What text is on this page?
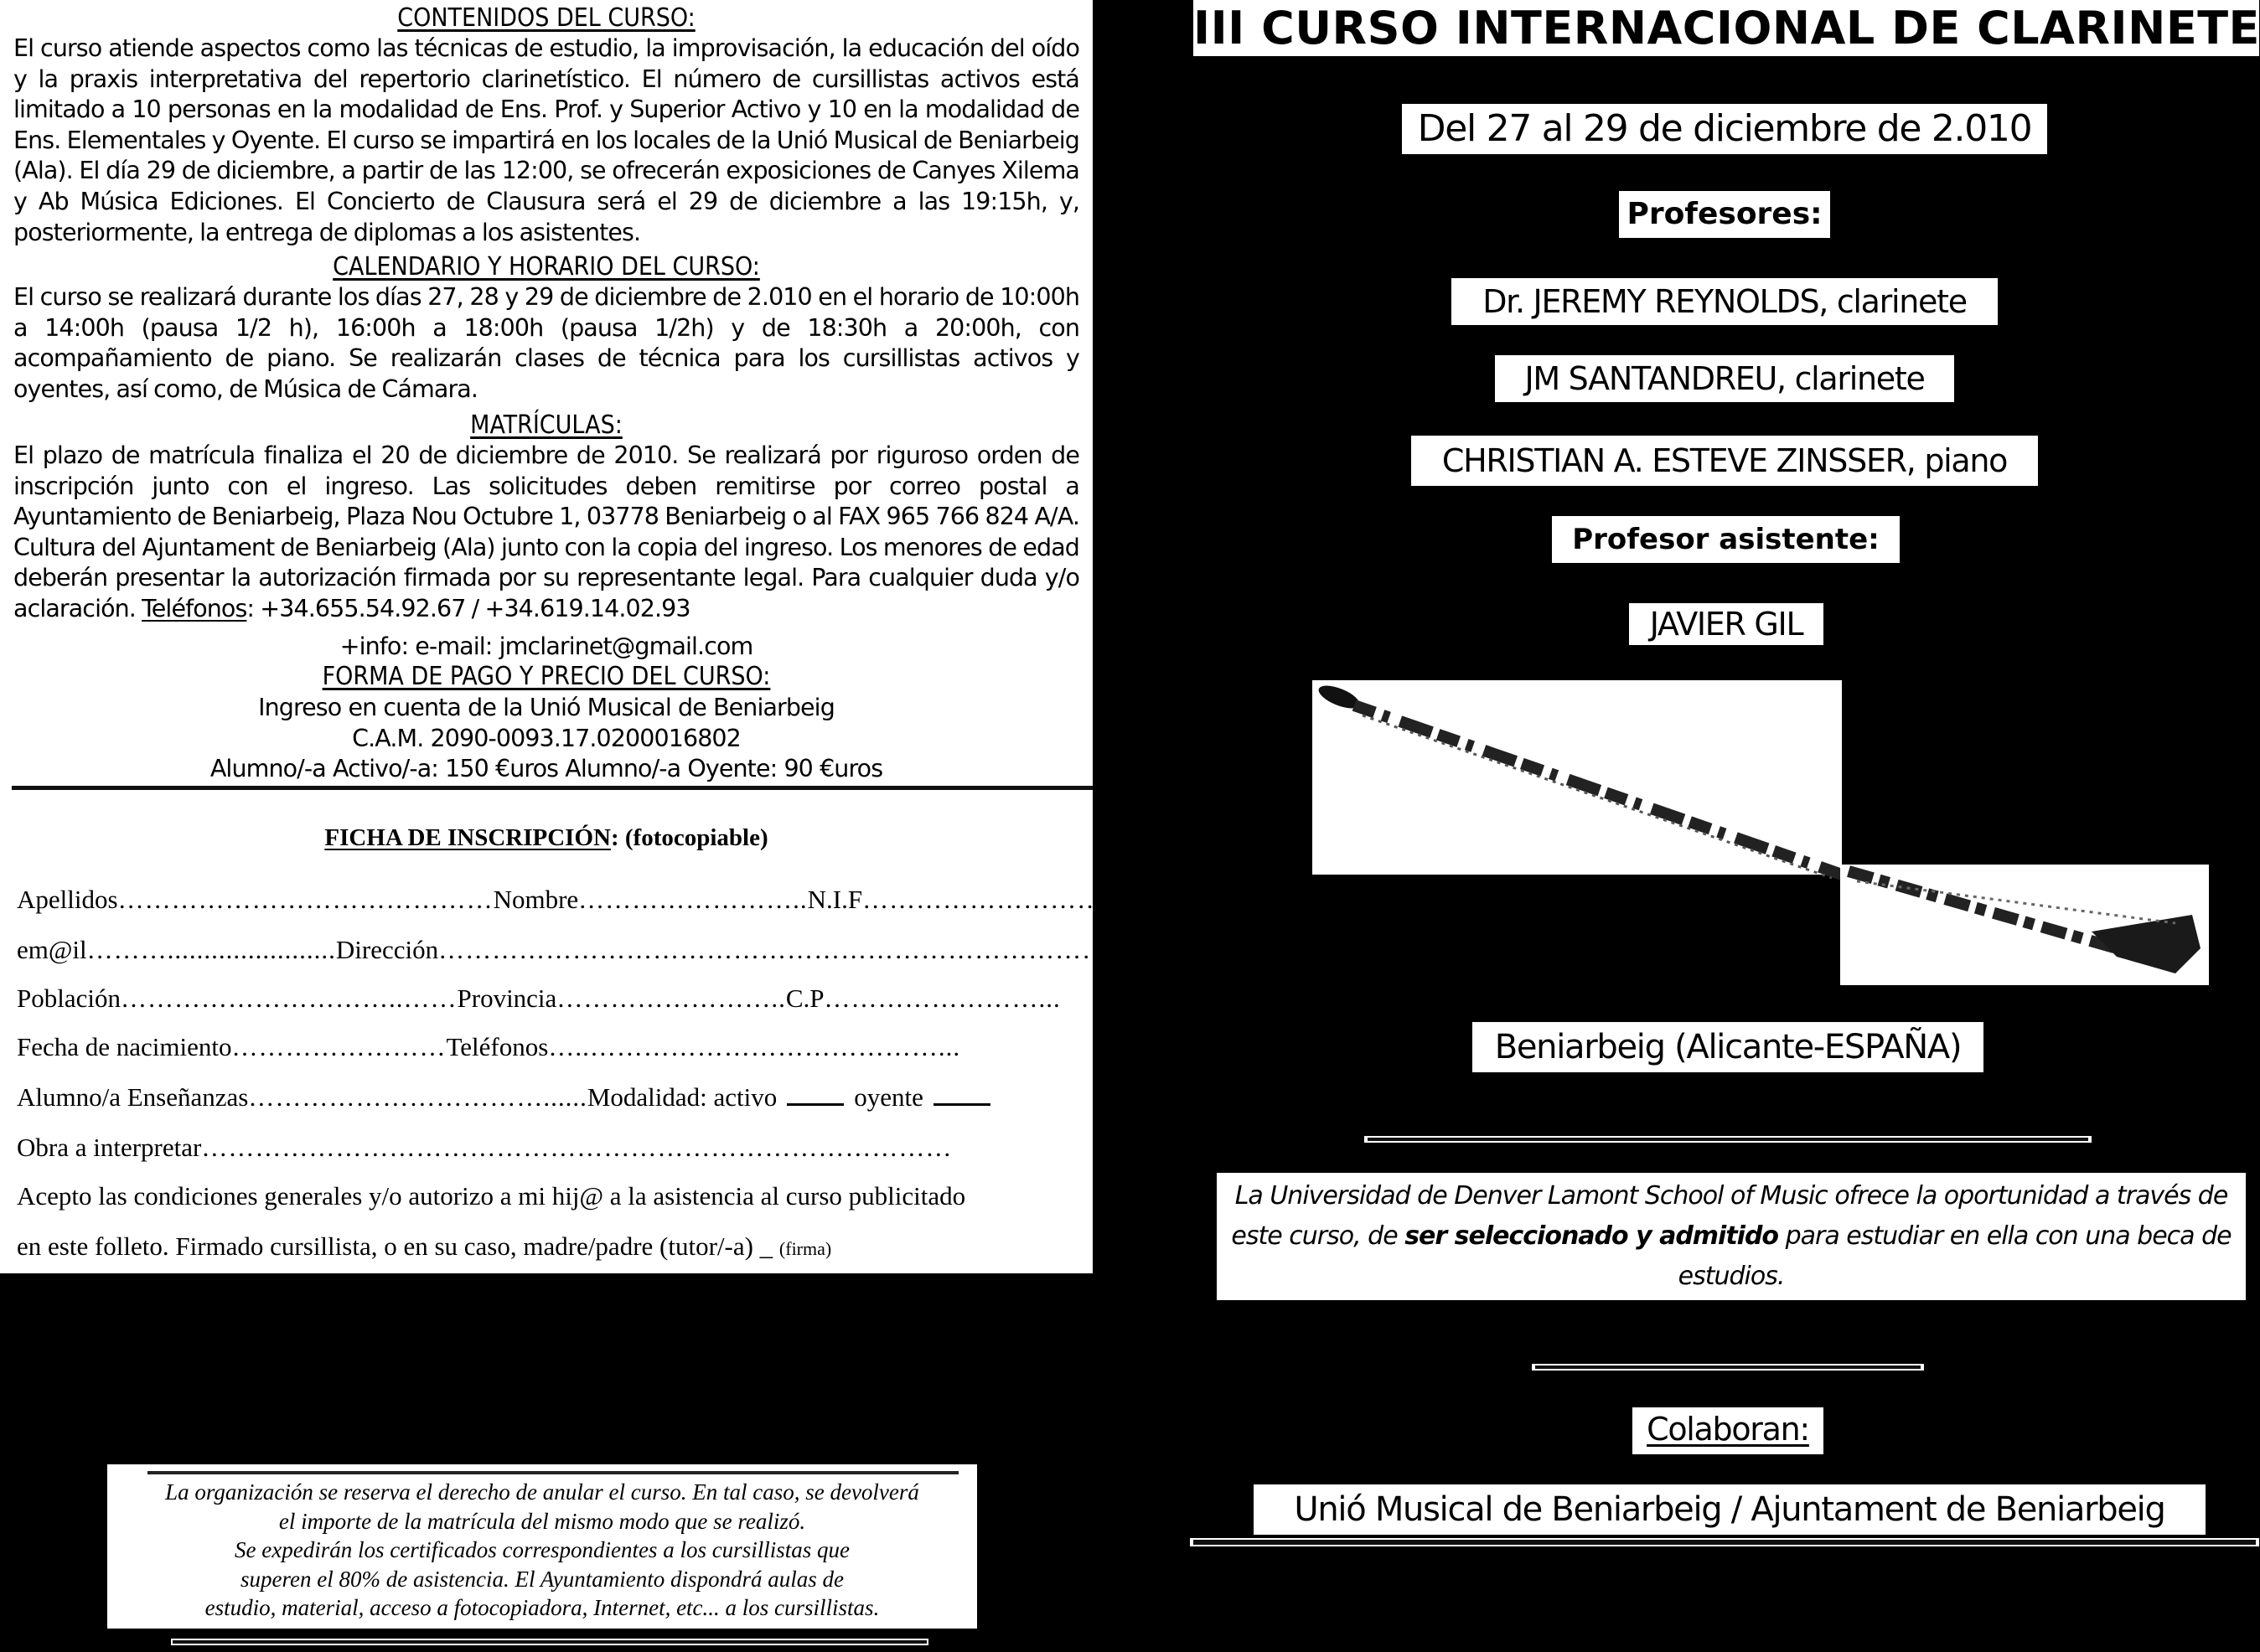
CONTENIDOS DEL CURSO:
El curso atiende aspectos como las técnicas de estudio, la improvisación, la educación del oído y la praxis interpretativa del repertorio clarinetístico. El número de cursillistas activos está limitado a 10 personas en la modalidad de Ens. Prof. y Superior Activo y 10 en la modalidad de Ens. Elementales y Oyente. El curso se impartirá en los locales de la Unió Musical de Beniarbeig (Ala). El día 29 de diciembre, a partir de las 12:00, se ofrecerán exposiciones de Canyes Xilema y Ab Música Ediciones. El Concierto de Clausura será el 29 de diciembre a las 19:15h, y, posteriormente, la entrega de diplomas a los asistentes.
CALENDARIO Y HORARIO DEL CURSO:
El curso se realizará durante los días 27, 28 y 29 de diciembre de 2.010 en el horario de 10:00h a 14:00h (pausa 1/2 h), 16:00h a 18:00h (pausa 1/2h) y de 18:30h a 20:00h, con acompañamiento de piano. Se realizarán clases de técnica para los cursillistas activos y oyentes, así como, de Música de Cámara.
MATRÍCULAS:
El plazo de matrícula finaliza el 20 de diciembre de 2010. Se realizará por riguroso orden de inscripción junto con el ingreso. Las solicitudes deben remitirse por correo postal a Ayuntamiento de Beniarbeig, Plaza Nou Octubre 1, 03778 Beniarbeig o al FAX 965 766 824 A/A. Cultura del Ajuntament de Beniarbeig (Ala) junto con la copia del ingreso. Los menores de edad deberán presentar la autorización firmada por su representante legal. Para cualquier duda y/o aclaración. Teléfonos: +34.655.54.92.67 / +34.619.14.02.93
+info: e-mail: jmclarinet@gmail.com
FORMA DE PAGO Y PRECIO DEL CURSO:
Ingreso en cuenta de la Unió Musical de Beniarbeig
C.A.M. 2090-0093.17.0200016802
Alumno/-a Activo/-a: 150 €uros Alumno/-a Oyente: 90 €uros
FICHA DE INSCRIPCIÓN: (fotocopiable)
Apellidos……………………………………Nombre……………………..N.I.F……………………………
em@il……….......................Dirección…………………………………………………………………..
Población…………………………..……Provincia……………………..C.P……………………...
Fecha de nacimiento……………………Teléfonos…..…………………………………...
Alumno/a Enseñanzas……………………………......Modalidad: activo	oyente
Obra a interpretar…………………………………………………………………………
Acepto las condiciones generales y/o autorizo a mi hij@ a la asistencia al curso publicitado
en este folleto. Firmado cursillista, o en su caso, madre/padre (tutor/-a) _ (firma)
La organización se reserva el derecho de anular el curso. En tal caso, se devolverá
el importe de la matrícula del mismo modo que se realizó.
Se expedirán los certificados correspondientes a los cursillistas que
superen el 80% de asistencia. El Ayuntamiento dispondrá aulas de
estudio, material, acceso a fotocopiadora, Internet, etc... a los cursillistas.
III CURSO INTERNACIONAL DE CLARINETE
Del 27 al 29 de diciembre de 2.010
Profesores:
Dr. JEREMY REYNOLDS, clarinete
JM SANTANDREU, clarinete
CHRISTIAN A. ESTEVE ZINSSER, piano
Profesor asistente:
JAVIER GIL
Beniarbeig (Alicante-ESPAÑA)
La Universidad de Denver Lamont School of Music ofrece la oportunidad a través de este curso, de ser seleccionado y admitido para estudiar en ella con una beca de estudios.
Colaboran:
Unió Musical de Beniarbeig / Ajuntament de Beniarbeig
